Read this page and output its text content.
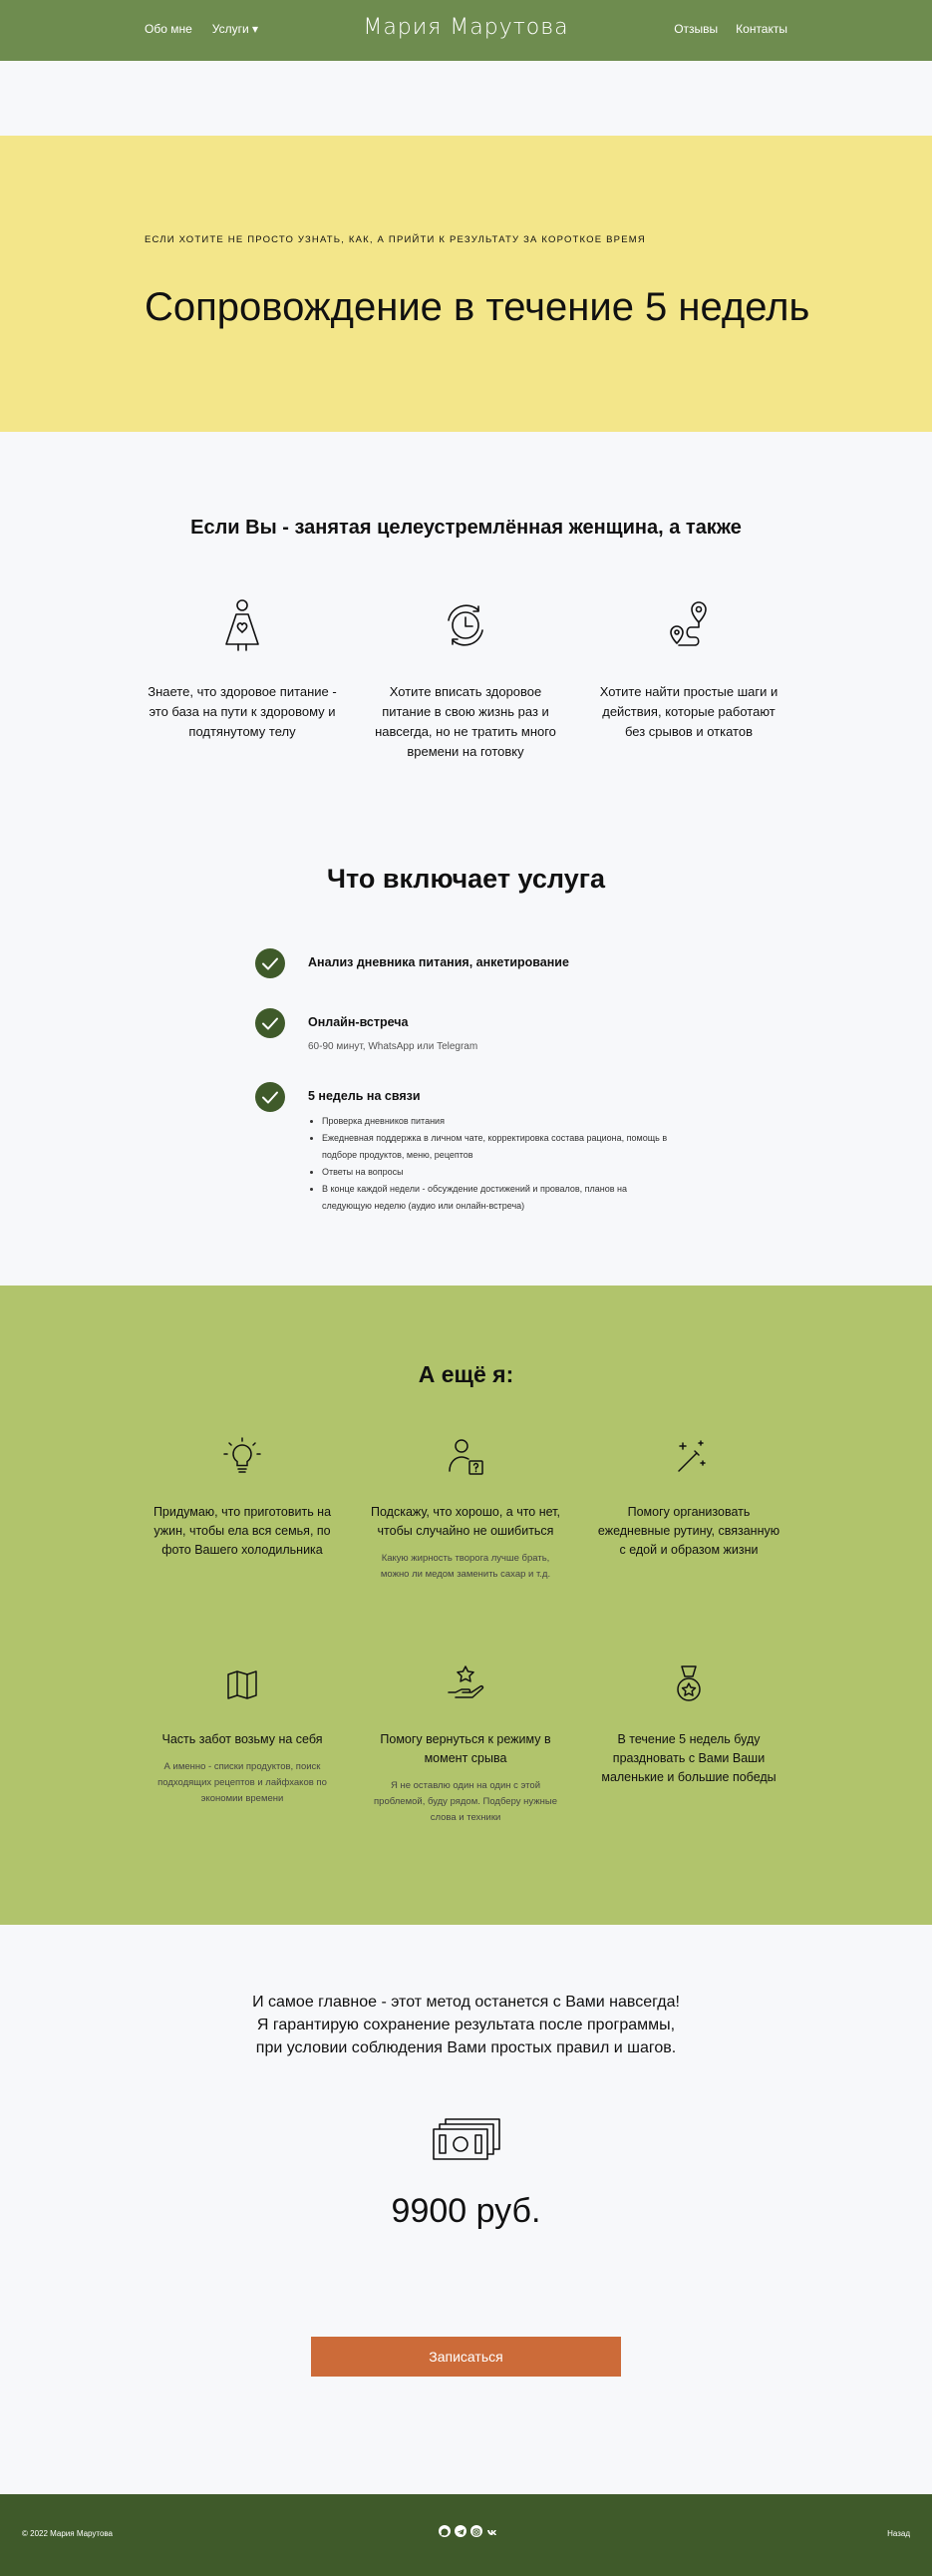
Обо мне Услуги ▾	Мария Марутова	Отзывы Контакты
ЕСЛИ ХОТИТЕ НЕ ПРОСТО УЗНАТЬ, КАК, А ПРИЙТИ К РЕЗУЛЬТАТУ ЗА КОРОТКОЕ ВРЕМЯ
Сопровождение в течение 5 недель
Если Вы - занятая целеустремлённая женщина, а также
Знаете, что здоровое питание - это база на пути к здоровому и подтянутому телу
Хотите вписать здоровое питание в свою жизнь раз и навсегда, но не тратить много времени на готовку
Хотите найти простые шаги и действия, которые работают без срывов и откатов
Что включает услуга
Анализ дневника питания, анкетирование
Онлайн-встреча
60-90 минут, WhatsApp или Telegram
5 недель на связи
• Проверка дневников питания
• Ежедневная поддержка в личном чате, корректировка состава рациона, помощь в подборе продуктов, меню, рецептов
• Ответы на вопросы
• В конце каждой недели - обсуждение достижений и провалов, планов на следующую неделю (аудио или онлайн-встреча)
А ещё я:
Придумаю, что приготовить на ужин, чтобы ела вся семья, по фото Вашего холодильника
Подскажу, что хорошо, а что нет, чтобы случайно не ошибиться
Какую жирность творога лучше брать, можно ли медом заменить сахар и т.д.
Помогу организовать ежедневные рутину, связанную с едой и образом жизни
Часть забот возьму на себя
А именно - списки продуктов, поиск подходящих рецептов и лайфхаков по экономии времени
Помогу вернуться к режиму в момент срыва
Я не оставлю один на один с этой проблемой, буду рядом. Подберу нужные слова и техники
В течение 5 недель буду праздновать с Вами Ваши маленькие и большие победы
И самое главное - этот метод останется с Вами навсегда!
Я гарантирую сохранение результата после программы,
при условии соблюдения Вами простых правил и шагов.
9900 руб.
Записаться
© 2022 Мария Марутова	Назад
